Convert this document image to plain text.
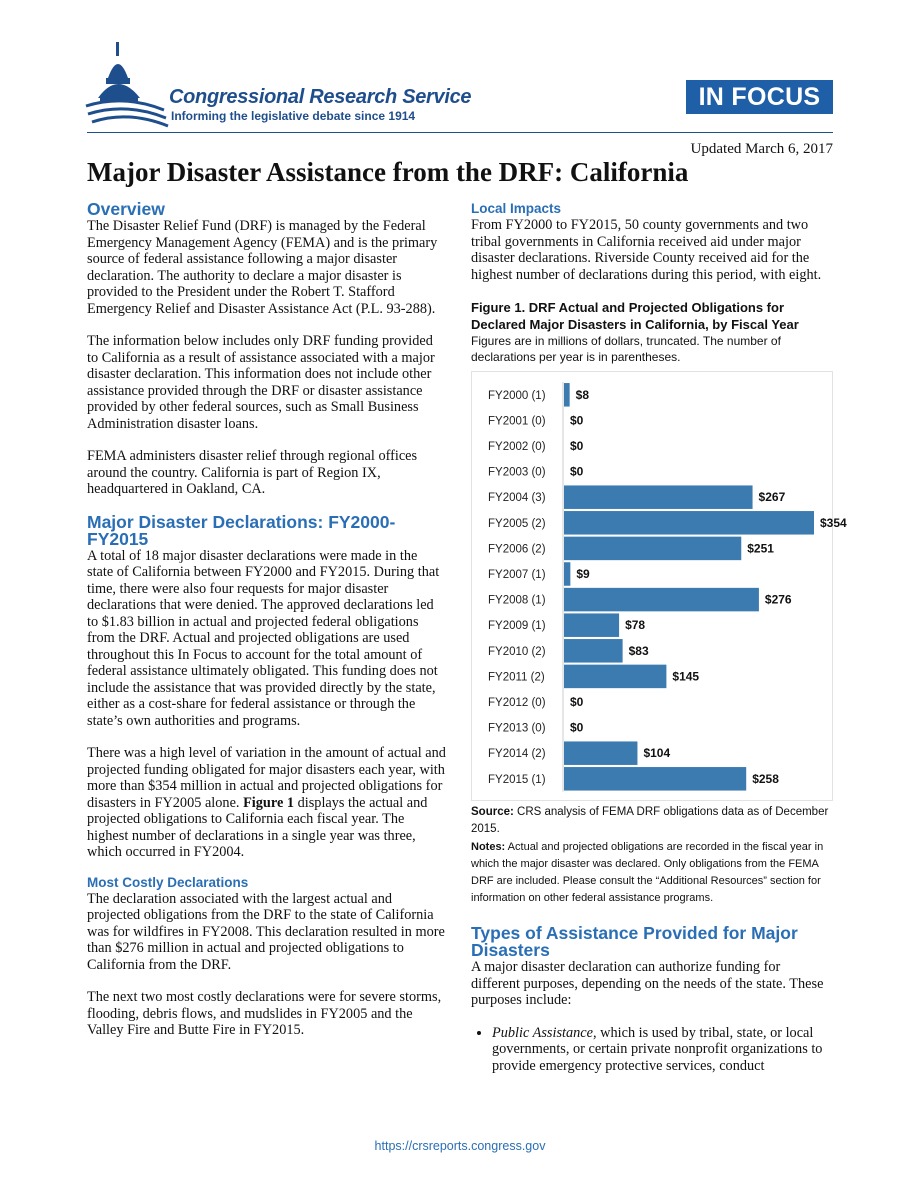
Congressional Research Service
Informing the legislative debate since 1914
IN FOCUS
Updated March 6, 2017
Major Disaster Assistance from the DRF: California
Overview

The Disaster Relief Fund (DRF) is managed by the Federal Emergency Management Agency (FEMA) and is the primary source of federal assistance following a major disaster declaration. The authority to declare a major disaster is provided to the President under the Robert T. Stafford Emergency Relief and Disaster Assistance Act (P.L. 93-288).

The information below includes only DRF funding provided to California as a result of assistance associated with a major disaster declaration. This information does not include other assistance provided through the DRF or disaster assistance provided by other federal sources, such as Small Business Administration disaster loans.

FEMA administers disaster relief through regional offices around the country. California is part of Region IX, headquartered in Oakland, CA.

Major Disaster Declarations: FY2000-FY2015

A total of 18 major disaster declarations were made in the state of California between FY2000 and FY2015. During that time, there were also four requests for major disaster declarations that were denied. The approved declarations led to $1.83 billion in actual and projected federal obligations from the DRF. Actual and projected obligations are used throughout this In Focus to account for the total amount of federal assistance ultimately obligated. This funding does not include the assistance that was provided directly by the state, either as a cost-share for federal assistance or through the state’s own authorities and programs.

There was a high level of variation in the amount of actual and projected funding obligated for major disasters each year, with more than $354 million in actual and projected obligations for disasters in FY2005 alone. Figure 1 displays the actual and projected obligations to California each fiscal year. The highest number of declarations in a single year was three, which occurred in FY2004.

Most Costly Declarations

The declaration associated with the largest actual and projected obligations from the DRF to the state of California was for wildfires in FY2008. This declaration resulted in more than $276 million in actual and projected obligations to California from the DRF.

The next two most costly declarations were for severe storms, flooding, debris flows, and mudslides in FY2005 and the Valley Fire and Butte Fire in FY2015.

Local Impacts

From FY2000 to FY2015, 50 county governments and two tribal governments in California received aid under major disaster declarations. Riverside County received aid for the highest number of declarations during this period, with eight.

Figure 1. DRF Actual and Projected Obligations for Declared Major Disasters in California, by Fiscal Year
Figures are in millions of dollars, truncated. The number of declarations per year is in parentheses.
FY2000 (1)	$8
FY2001 (0) $0
FY2002 (0) $0
FY2003 (0) $0
FY2004 (3)	$267
FY2005 (2)	$354
FY2006 (2)	$251
FY2007 (1)	$9
FY2008 (1)	$276
FY2009 (1)	$78
FY2010 (2)	$83
FY2011 (2)	$145
FY2012 (0) $0
FY2013 (0) $0
FY2014 (2)	$104
FY2015 (1)	$258
Source: CRS analysis of FEMA DRF obligations data as of December 2015.
Notes: Actual and projected obligations are recorded in the fiscal year in which the major disaster was declared. Only obligations from the FEMA DRF are included. Please consult the “Additional Resources” section for information on other federal assistance programs.
Types of Assistance Provided for Major Disasters

A major disaster declaration can authorize funding for different purposes, depending on the needs of the state. These purposes include:

• Public Assistance, which is used by tribal, state, or local governments, or certain private nonprofit organizations to provide emergency protective services, conduct
https://crsreports.congress.gov
